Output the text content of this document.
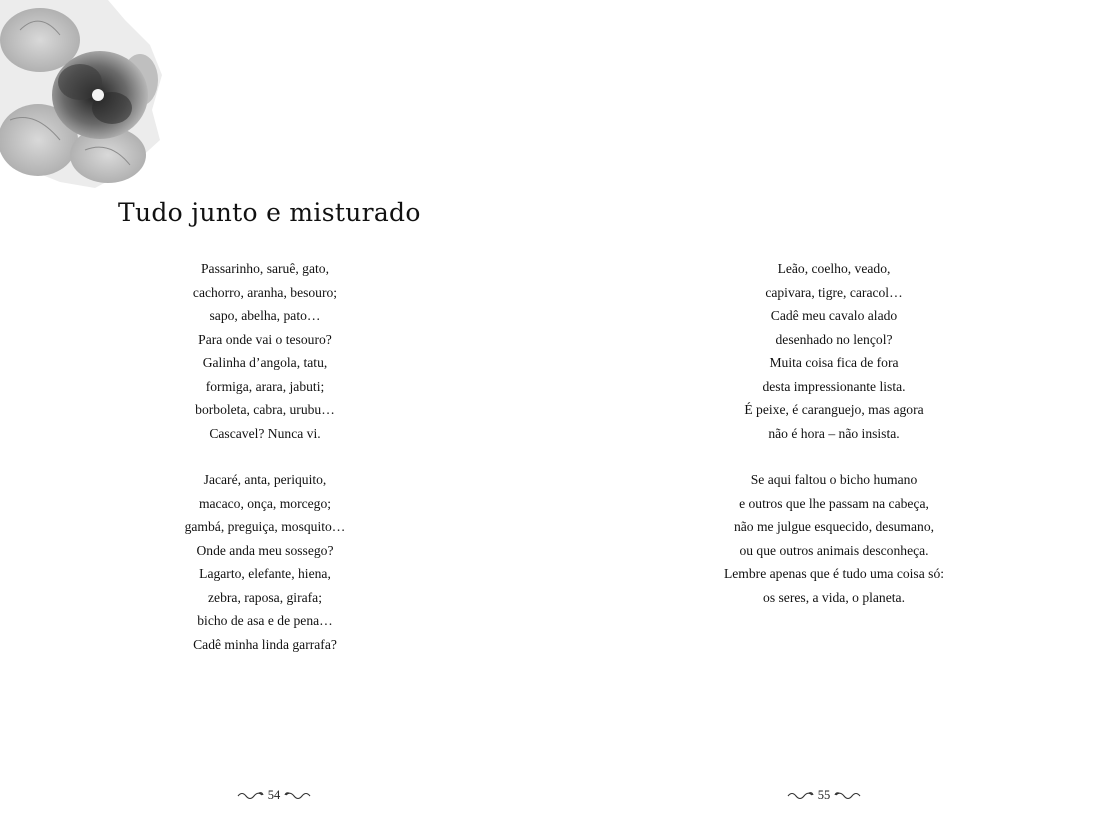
Tudo junto e misturado
Passarinho, saruê, gato,
cachorro, aranha, besouro;
sapo, abelha, pato…
Para onde vai o tesouro?
Galinha d’angola, tatu,
formiga, arara, jabuti;
borboleta, cabra, urubu…
Cascavel? Nunca vi.
Jacaré, anta, periquito,
macaco, onça, morcego;
gambá, preguiça, mosquito…
Onde anda meu sossego?
Lagarto, elefante, hiena,
zebra, raposa, girafa;
bicho de asa e de pena…
Cadê minha linda garrafa?
Leão, coelho, veado,
capivara, tigre, caracol…
Cadê meu cavalo alado
desenhado no lençol?
Muita coisa fica de fora
desta impressionante lista.
É peixe, é caranguejo, mas agora
não é hora – não insista.
Se aqui faltou o bicho humano
e outros que lhe passam na cabeça,
não me julgue esquecido, desumano,
ou que outros animais desconheça.
Lembre apenas que é tudo uma coisa só:
os seres, a vida, o planeta.
54	55
